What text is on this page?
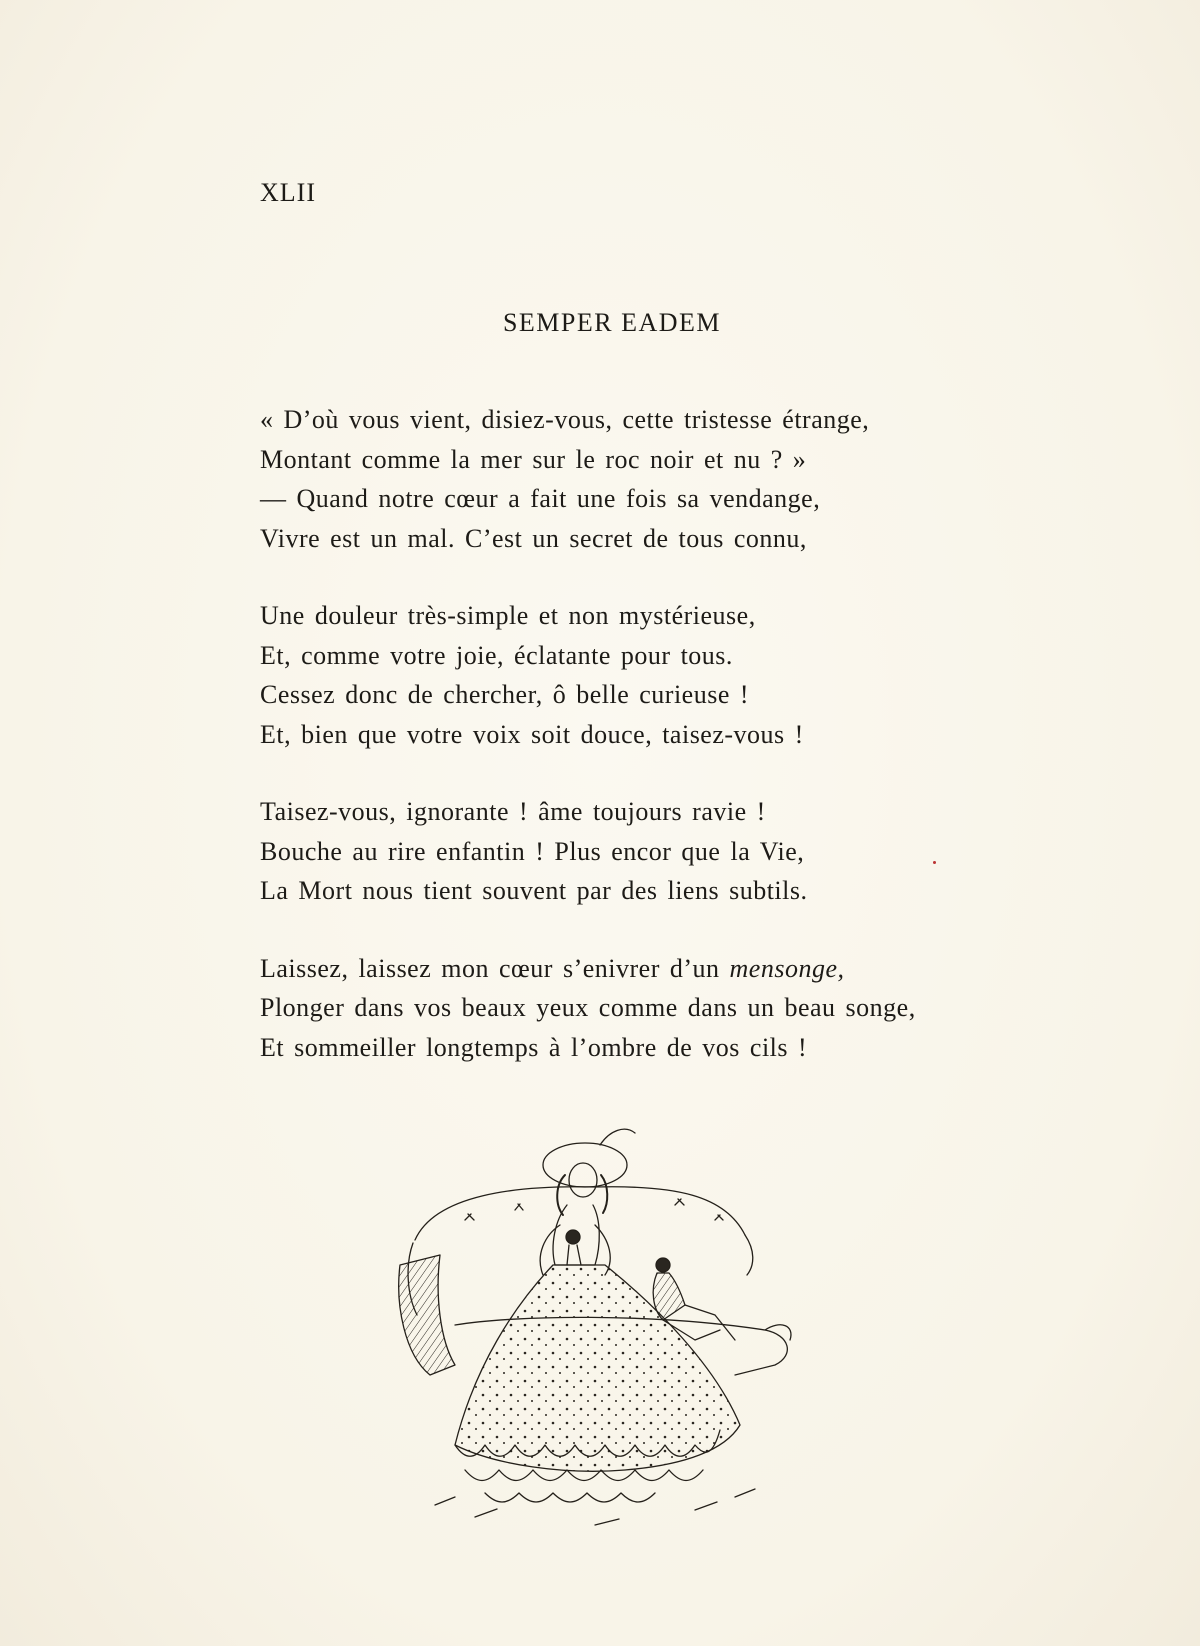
XLII
SEMPER EADEM
« D’où vous vient, disiez-vous, cette tristesse étrange,
Montant comme la mer sur le roc noir et nu ? »
— Quand notre cœur a fait une fois sa vendange,
Vivre est un mal. C’est un secret de tous connu,
Une douleur très-simple et non mystérieuse,
Et, comme votre joie, éclatante pour tous.
Cessez donc de chercher, ô belle curieuse !
Et, bien que votre voix soit douce, taisez-vous !
Taisez-vous, ignorante ! âme toujours ravie !
Bouche au rire enfantin ! Plus encor que la Vie,
La Mort nous tient souvent par des liens subtils.
Laissez, laissez mon cœur s’enivrer d’un mensonge,
Plonger dans vos beaux yeux comme dans un beau songe,
Et sommeiller longtemps à l’ombre de vos cils !
